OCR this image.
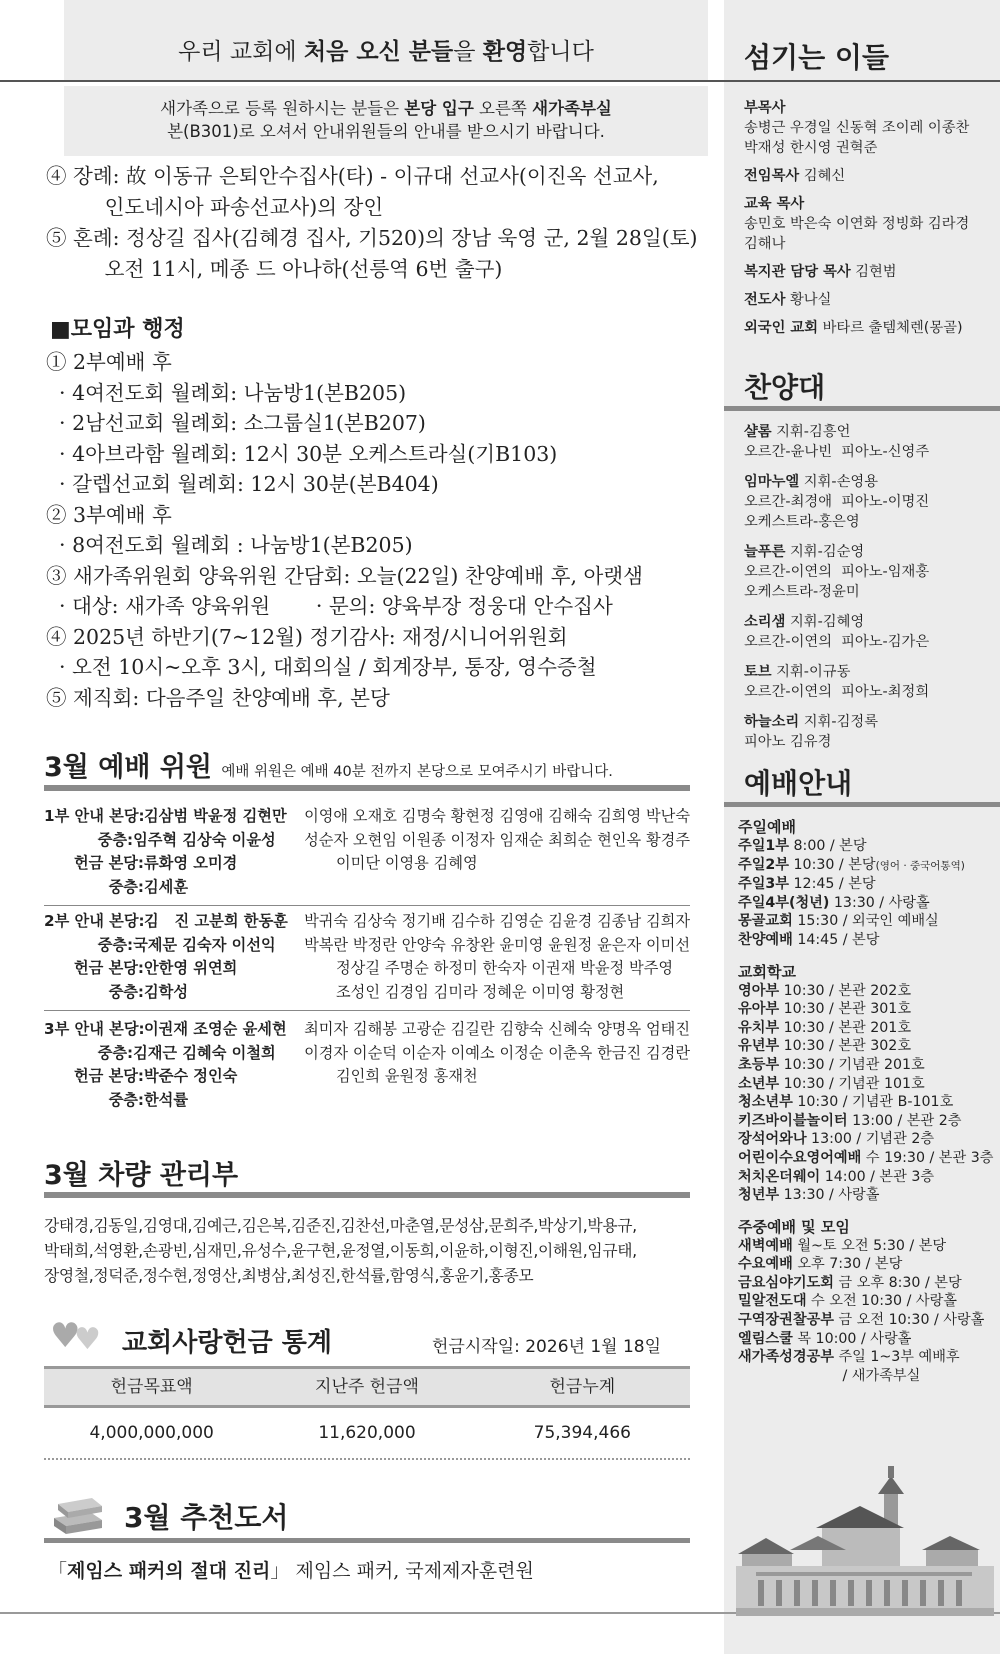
우리 교회에 처음 오신 분들을 환영합니다
새가족으로 등록 원하시는 분들은 본당 입구 오른쪽 새가족부실
본(B301)로 오셔서 안내위원들의 안내를 받으시기 바랍니다.
④ 장례: 故 이동규 은퇴안수집사(타) - 이규대 선교사(이진옥 선교사,
인도네시아 파송선교사)의 장인
⑤ 혼례: 정상길 집사(김혜경 집사, 기520)의 장남 욱영 군, 2월 28일(토)
오전 11시, 메종 드 아나하(선릉역 6번 출구)
■모임과 행정
① 2부예배 후
· 4여전도회 월례회: 나눔방1(본B205)
· 2남선교회 월례회: 소그룹실1(본B207)
· 4아브라함 월례회: 12시 30분 오케스트라실(기B103)
· 갈렙선교회 월례회: 12시 30분(본B404)
② 3부예배 후
· 8여전도회 월례회 : 나눔방1(본B205)
③ 새가족위원회 양육위원 간담회: 오늘(22일) 찬양예배 후, 아랫샘
· 대상: 새가족 양육위원       · 문의: 양육부장 정웅대 안수집사
④ 2025년 하반기(7~12월) 정기감사: 재정/시니어위원회
· 오전 10시~오후 3시, 대회의실 / 회계장부, 통장, 영수증철
⑤ 제직회: 다음주일 찬양예배 후, 본당
3월 예배 위원 예배 위원은 예배 40분 전까지 본당으로 모여주시기 바랍니다.
1부 안내 본당: 김삼범 박윤정 김현만	이영애 오재호 김명숙 황현정 김영애 김해숙 김희영 박난숙
중층: 임주혁 김상숙 이윤성	성순자 오현임 이원종 이정자 임재순 최희순 현인옥 황경주
헌금 본당: 류화영 오미경	이미단 이영용 김혜영
중층: 김세훈
2부 안내 본당: 김   진 고분희 한동훈	박귀숙 김상숙 정기배 김수하 김영순 김윤경 김종남 김희자
중층: 국제문 김숙자 이선익	박복란 박정란 안양숙 유창완 윤미영 윤원정 윤은자 이미선
헌금 본당: 안한영 위연희	정상길 주명순 하정미 한숙자 이권재 박윤정 박주영
중층: 김학성	조성인 김경임 김미라 정혜운 이미영 황정현
3부 안내 본당: 이권재 조영순 윤세현	최미자 김해봉 고광순 김길란 김향숙 신혜숙 양명옥 엄태진
중층: 김재근 김혜숙 이철희	이경자 이순덕 이순자 이예소 이정순 이춘옥 한금진 김경란
헌금 본당: 박준수 정인숙	김인희 윤원정 홍재천
중층: 한석률
3월 차량 관리부
강태경,김동일,김영대,김예근,김은복,김준진,김찬선,마춘열,문성삼,문희주,박상기,박용규,
박태희,석영환,손광빈,심재민,유성수,윤구현,윤정열,이동희,이윤하,이형진,이해원,임규태,
장영철,정덕준,정수현,정영산,최병삼,최성진,한석률,함영식,홍윤기,홍종모
♥
♥ 교회사랑헌금 통계	헌금시작일: 2026년 1월 18일
헌금목표액	지난주 헌금액	헌금누계
4,000,000,000	11,620,000	75,394,466
3월 추천도서
「제임스 패커의 절대 진리」 제임스 패커, 국제제자훈련원
섬기는 이들
부목사
송병근 우경일 신동혁 조이레 이종찬
박재성 한시영 권혁준
전임목사 김혜신
교육 목사
송민호 박은숙 이연화 정빙화 김라경
김해나
복지관 담당 목사 김현범
전도사 황나실
외국인 교회 바타르 출템체렌(몽골)
찬양대
샬롬 지휘-김흥언
오르간-윤나빈  피아노-신영주
임마누엘 지휘-손영용
오르간-최경애  피아노-이명진
오케스트라-홍은영
늘푸른 지휘-김순영
오르간-이연의  피아노-임재홍
오케스트라-정윤미
소리샘 지휘-김혜영
오르간-이연의  피아노-김가은
토브 지휘-이규동
오르간-이연의  피아노-최정희
하늘소리 지휘-김정록
피아노 김유경
예배안내
주일예배
주일1부 8:00 / 본당
주일2부 10:30 / 본당(영어 · 중국어통역)
주일3부 12:45 / 본당
주일4부(청년) 13:30 / 사랑홀
몽골교회 15:30 / 외국인 예배실
찬양예배 14:45 / 본당
교회학교
영아부 10:30 / 본관 202호
유아부 10:30 / 본관 301호
유치부 10:30 / 본관 201호
유년부 10:30 / 본관 302호
초등부 10:30 / 기념관 201호
소년부 10:30 / 기념관 101호
청소년부 10:30 / 기념관 B-101호
키즈바이블놀이터 13:00 / 본관 2층
장석어와나 13:00 / 기념관 2층
어린이수요영어예배 수 19:30 / 본관 3층
처치온더웨이 14:00 / 본관 3층
청년부 13:30 / 사랑홀
주중예배 및 모임
새벽예배 월~토 오전 5:30 / 본당
수요예배 오후 7:30 / 본당
금요심야기도회 금 오후 8:30 / 본당
밀알전도대 수 오전 10:30 / 사랑홀
구역장권찰공부 금 오전 10:30 / 사랑홀
엘림스쿨 목 10:00 / 사랑홀
새가족성경공부 주일 1~3부 예배후
/ 새가족부실
